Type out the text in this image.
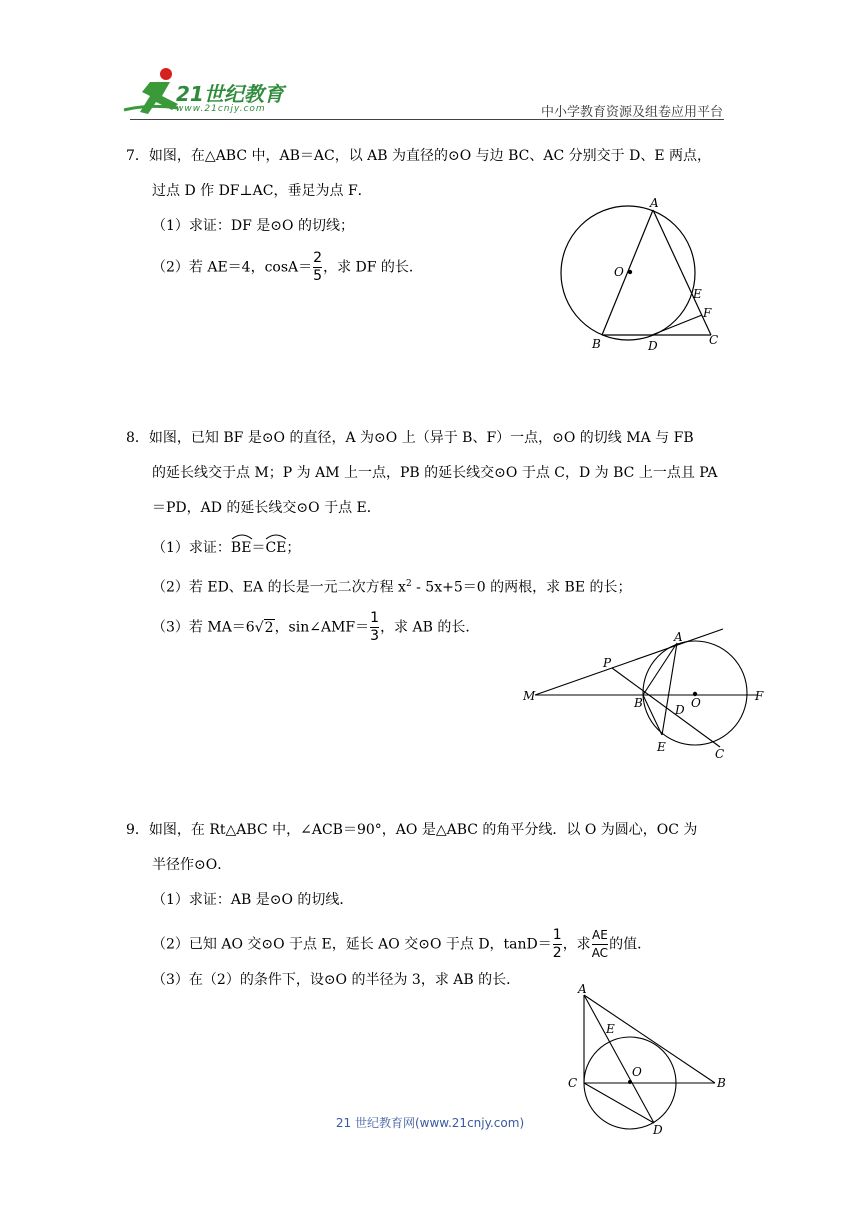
21世纪教育
www.21cnjy.com	中小学教育资源及组卷应用平台
7．如图，在△ABC 中，AB＝AC，以 AB 为直径的⊙O 与边 BC、AC 分别交于 D、E 两点，
过点 D 作 DF⊥AC，垂足为点 F．
（1）求证：DF 是⊙O 的切线；
（2）若 AE＝4，$\cos A= \frac{2}{5}$ ，求 DF 的长．
A
O
E
F
B	D	C
8．如图，已知 BF 是⊙O 的直径，A 为⊙O 上（异于 B、F）一点，⊙O 的切线 MA 与 FB
的延长线交于点 M；P 为 AM 上一点，PB 的延长线交⊙O 于点 C，D 为 BC 上一点且 PA
＝PD，AD 的延长线交⊙O 于点 E．
（1）求证：
BE＝
CE；
（2）若 ED、EA 的长是一元二次方程 $x^2 - 5x+5=0$ 的两根，求 BE 的长；
（3）若 MA＝6√2，sin∠AMF＝ $\frac{1}{3}$ ，求 AB 的长．
A
P
M	B	D O	F
E	C
9．如图，在 Rt△ABC 中，∠ACB＝90°，AO 是△ABC 的角平分线．以 O 为圆心，OC 为
半径作⊙O．
（1）求证：AB 是⊙O 的切线．
（2）已知 AO 交⊙O 于点 E，延长 AO 交⊙O 于点 D，$\tan D= \frac{1}{2}$ ，求 $\frac{AE}{AC}$ 的值．
（3）在（2）的条件下，设⊙O 的半径为 3，求 AB 的长．
A
E
C
O
B
D
21 世纪教育网(www.21cnjy.com)
